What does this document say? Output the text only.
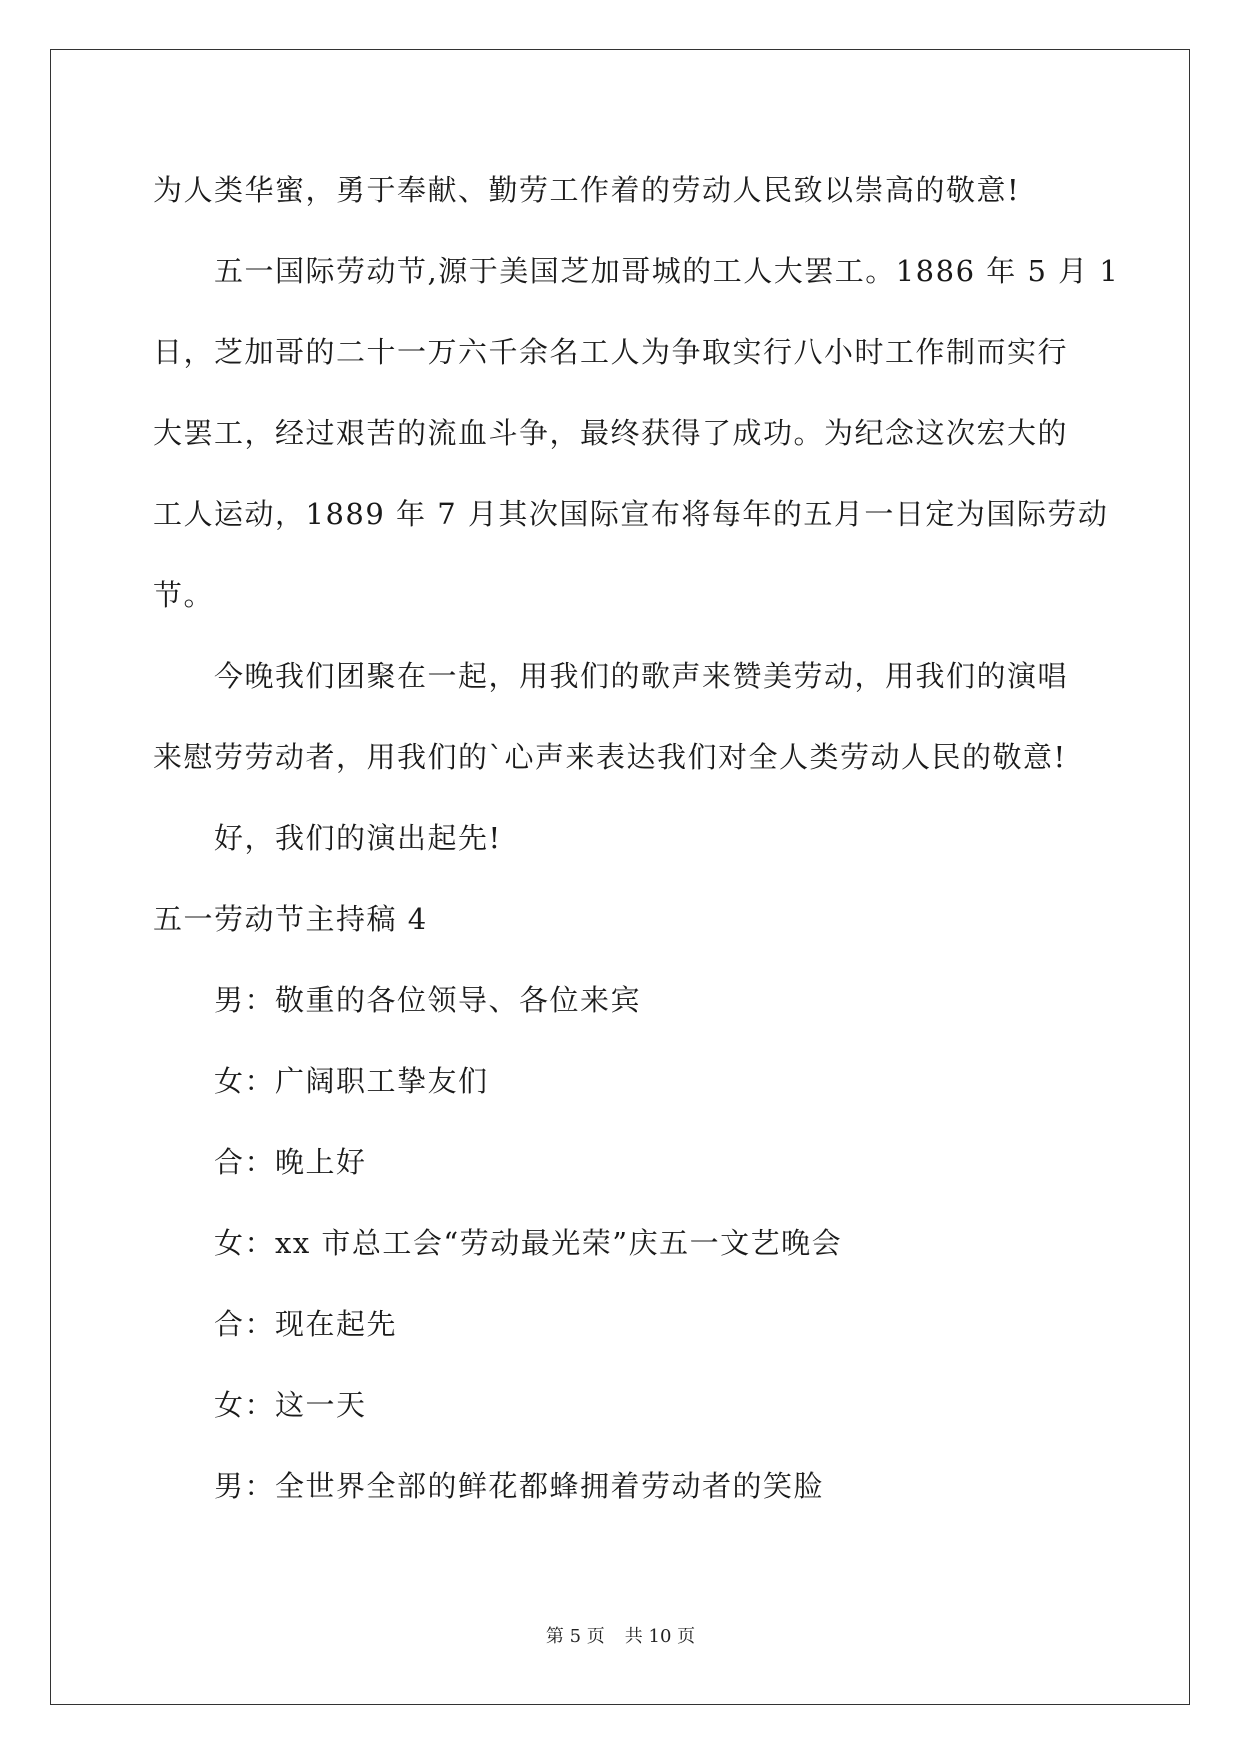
为人类华蜜，勇于奉献、勤劳工作着的劳动人民致以崇高的敬意!

五一国际劳动节,源于美国芝加哥城的工人大罢工。1886 年 5 月 1

日，芝加哥的二十一万六千余名工人为争取实行八小时工作制而实行

大罢工，经过艰苦的流血斗争，最终获得了成功。为纪念这次宏大的

工人运动，1889 年 7 月其次国际宣布将每年的五月一日定为国际劳动

节。

今晚我们团聚在一起，用我们的歌声来赞美劳动，用我们的演唱

来慰劳劳动者，用我们的`心声来表达我们对全人类劳动人民的敬意!

好，我们的演出起先!

五一劳动节主持稿 4

男：敬重的各位领导、各位来宾

女：广阔职工挚友们

合：晚上好

女：xx 市总工会“劳动最光荣”庆五一文艺晚会

合：现在起先

女：这一天

男：全世界全部的鲜花都蜂拥着劳动者的笑脸

第 5 页 共 10 页
